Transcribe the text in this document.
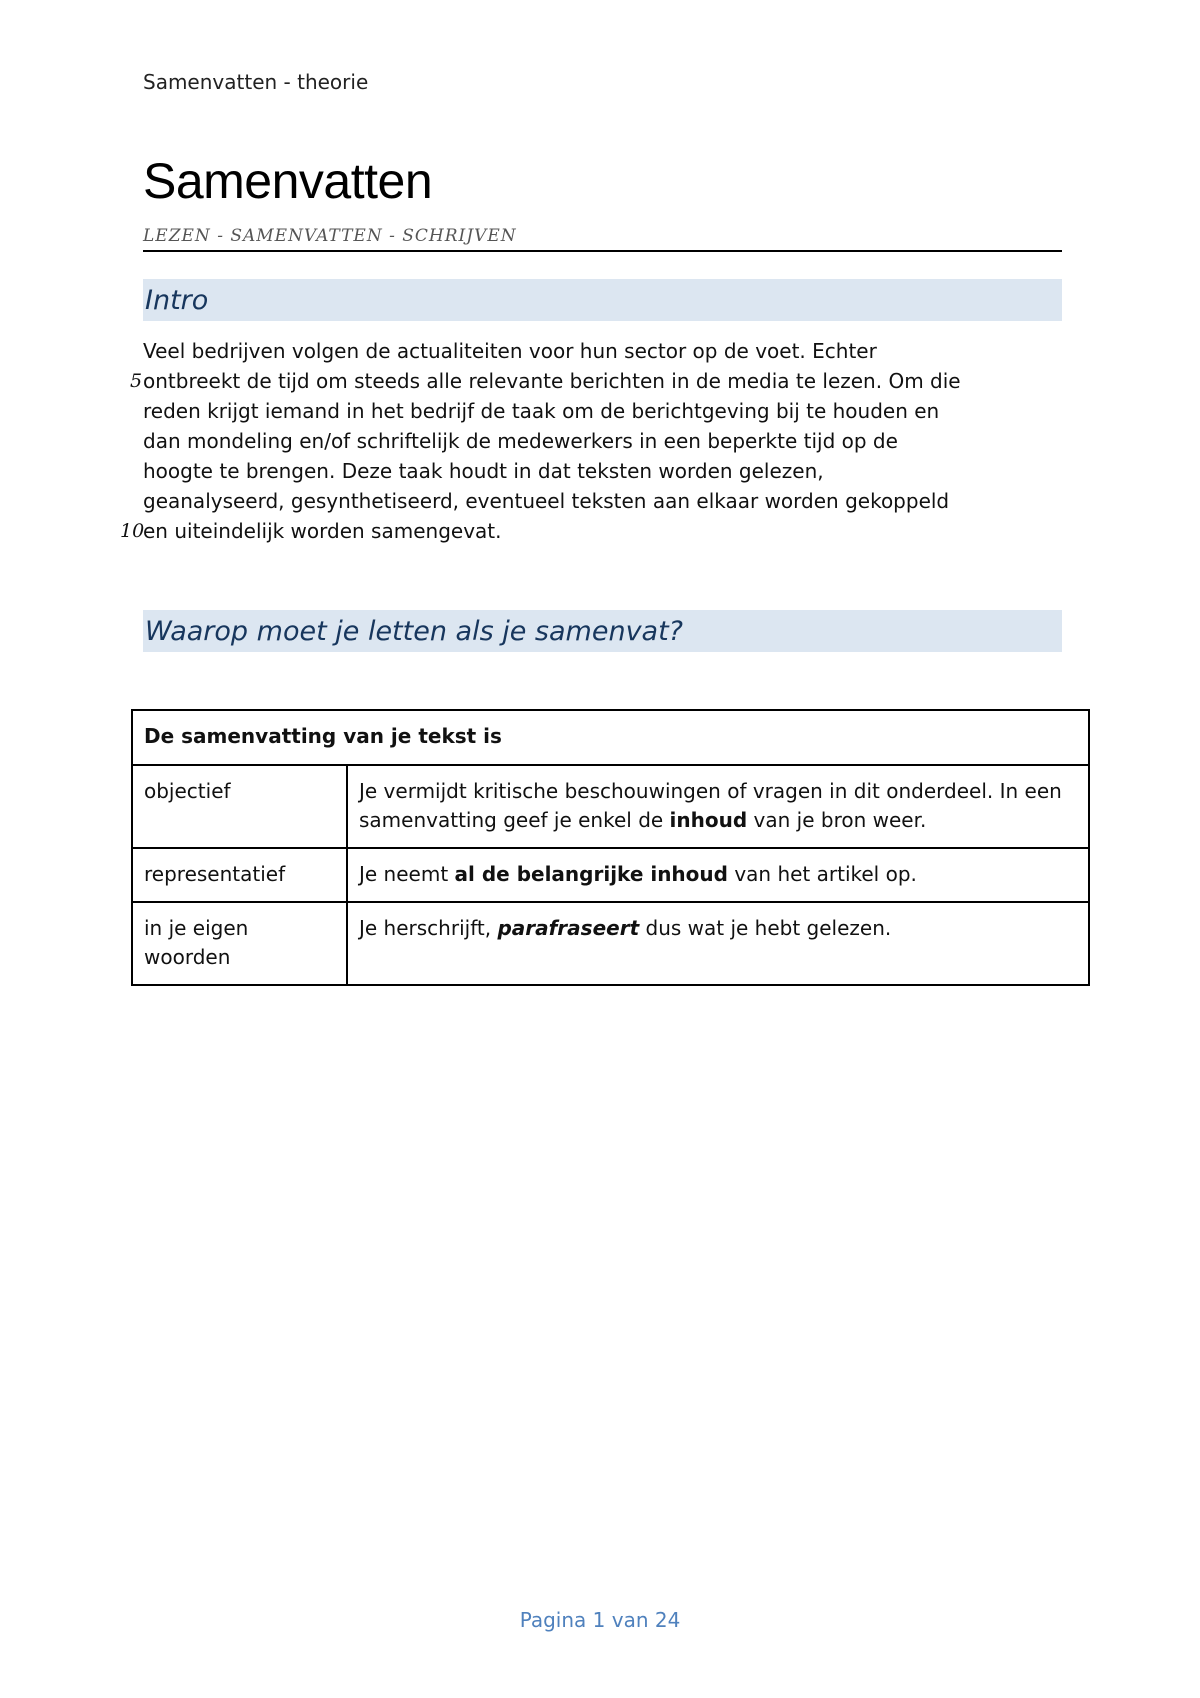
Samenvatten - theorie
Samenvatten
LEZEN - SAMENVATTEN - SCHRIJVEN
Intro
5
10
Veel bedrijven volgen de actualiteiten voor hun sector op de voet. Echter
ontbreekt de tijd om steeds alle relevante berichten in de media te lezen. Om die
reden krijgt iemand in het bedrijf de taak om de berichtgeving bij te houden en
dan mondeling en/of schriftelijk de medewerkers in een beperkte tijd op de
hoogte te brengen. Deze taak houdt in dat teksten worden gelezen,
geanalyseerd, gesynthetiseerd, eventueel teksten aan elkaar worden gekoppeld
en uiteindelijk worden samengevat.
Waarop moet je letten als je samenvat?
De samenvatting van je tekst is	
objectief	Je vermijdt kritische beschouwingen of vragen in dit onderdeel. In een samenvatting geef je enkel de inhoud van je bron weer.
representatief	Je neemt al de belangrijke inhoud van het artikel op.
in je eigen woorden	Je herschrijft, parafraseert dus wat je hebt gelezen.
Pagina 1 van 24
